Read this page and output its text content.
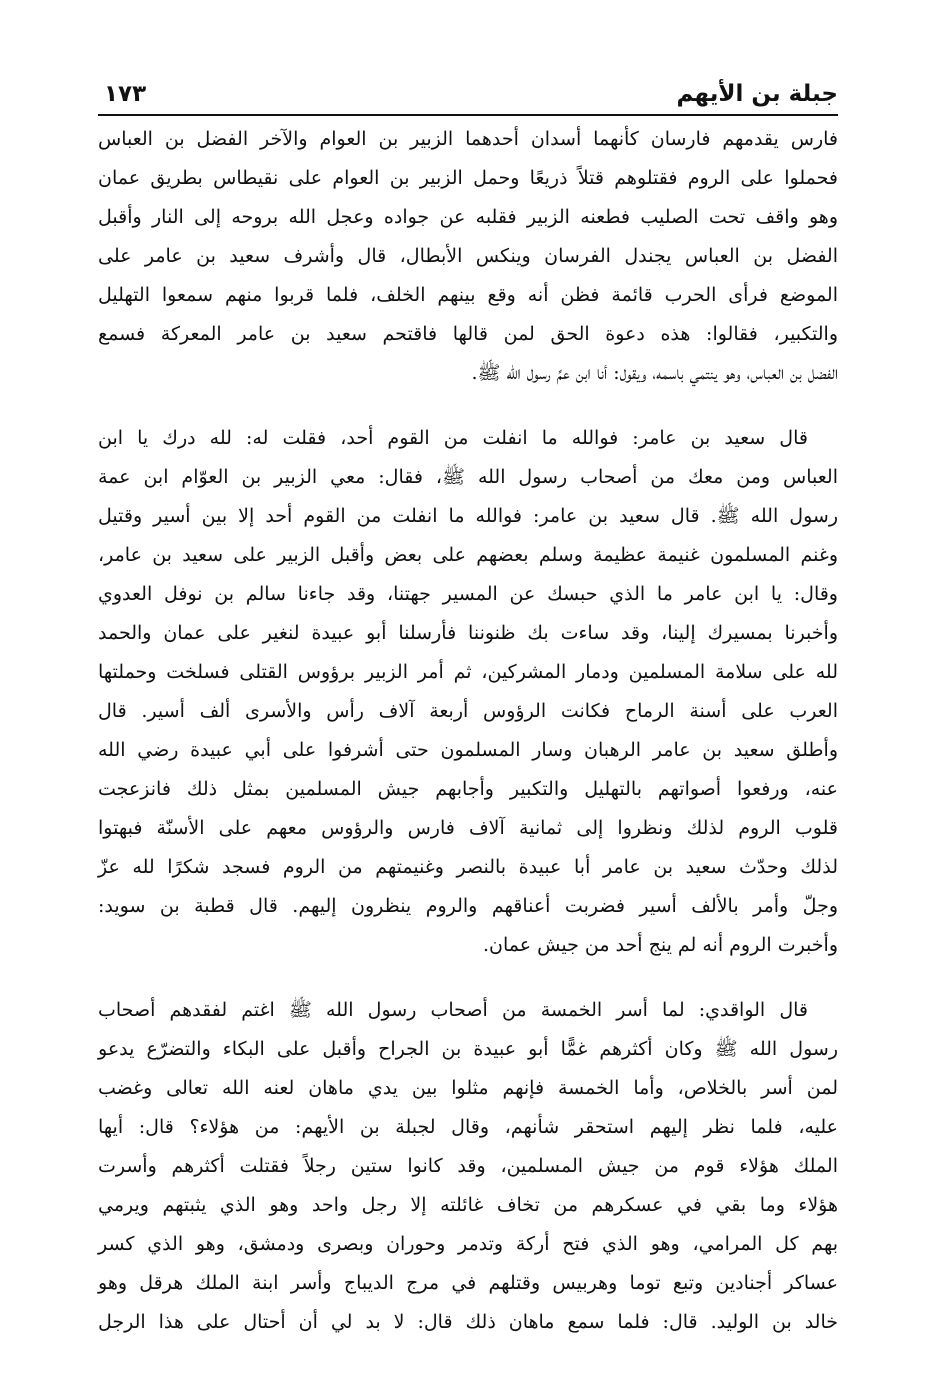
جبلة بن الأيهم
١٧٣
فارس يقدمهم فارسان كأنهما أسدان أحدهما الزبير بن العوام والآخر الفضل بن العباس
فحملوا على الروم فقتلوهم قتلاً ذريعًا وحمل الزبير بن العوام على نقيطاس بطريق عمان
وهو واقف تحت الصليب فطعنه الزبير فقلبه عن جواده وعجل الله بروحه إلى النار وأقبل
الفضل بن العباس يجندل الفرسان وينكس الأبطال، قال وأشرف سعيد بن عامر على
الموضع فرأى الحرب قائمة فظن أنه وقع بينهم الخلف، فلما قربوا منهم سمعوا التهليل
والتكبير، فقالوا: هذه دعوة الحق لمن قالها فاقتحم سعيد بن عامر المعركة فسمع
الفضل بن العباس، وهو ينتمي باسمه، ويقول: أنا ابن عمِّ رسول الله ﷺ.
قال سعيد بن عامر: فوالله ما انفلت من القوم أحد، فقلت له: لله درك يا ابن
العباس ومن معك من أصحاب رسول الله ﷺ، فقال: معي الزبير بن العوّام ابن عمة
رسول الله ﷺ. قال سعيد بن عامر: فوالله ما انفلت من القوم أحد إلا بين أسير وقتيل
وغنم المسلمون غنيمة عظيمة وسلم بعضهم على بعض وأقبل الزبير على سعيد بن عامر،
وقال: يا ابن عامر ما الذي حبسك عن المسير جهتنا، وقد جاءنا سالم بن نوفل العدوي
وأخبرنا بمسيرك إلينا، وقد ساءت بك ظنوننا فأرسلنا أبو عبيدة لنغير على عمان والحمد
لله على سلامة المسلمين ودمار المشركين، ثم أمر الزبير برؤوس القتلى فسلخت وحملتها
العرب على أسنة الرماح فكانت الرؤوس أربعة آلاف رأس والأسرى ألف أسير. قال
وأطلق سعيد بن عامر الرهبان وسار المسلمون حتى أشرفوا على أبي عبيدة رضي الله
عنه، ورفعوا أصواتهم بالتهليل والتكبير وأجابهم جيش المسلمين بمثل ذلك فانزعجت
قلوب الروم لذلك ونظروا إلى ثمانية آلاف فارس والرؤوس معهم على الأسنّة فبهتوا
لذلك وحدّث سعيد بن عامر أبا عبيدة بالنصر وغنيمتهم من الروم فسجد شكرًا لله عزّ
وجلّ وأمر بالألف أسير فضربت أعناقهم والروم ينظرون إليهم. قال قطبة بن سويد:
وأخبرت الروم أنه لم ينج أحد من جيش عمان.
قال الواقدي: لما أسر الخمسة من أصحاب رسول الله ﷺ اغتم لفقدهم أصحاب
رسول الله ﷺ وكان أكثرهم غمًّا أبو عبيدة بن الجراح وأقبل على البكاء والتضرّع يدعو
لمن أسر بالخلاص، وأما الخمسة فإنهم مثلوا بين يدي ماهان لعنه الله تعالى وغضب
عليه، فلما نظر إليهم استحقر شأنهم، وقال لجبلة بن الأيهم: من هؤلاء؟ قال: أيها
الملك هؤلاء قوم من جيش المسلمين، وقد كانوا ستين رجلاً فقتلت أكثرهم وأسرت
هؤلاء وما بقي في عسكرهم من تخاف غائلته إلا رجل واحد وهو الذي يثبتهم ويرمي
بهم كل المرامي، وهو الذي فتح أركة وتدمر وحوران وبصرى ودمشق، وهو الذي كسر
عساكر أجنادين وتبع توما وهربيس وقتلهم في مرج الديباج وأسر ابنة الملك هرقل وهو
خالد بن الوليد. قال: فلما سمع ماهان ذلك قال: لا بد لي أن أحتال على هذا الرجل
